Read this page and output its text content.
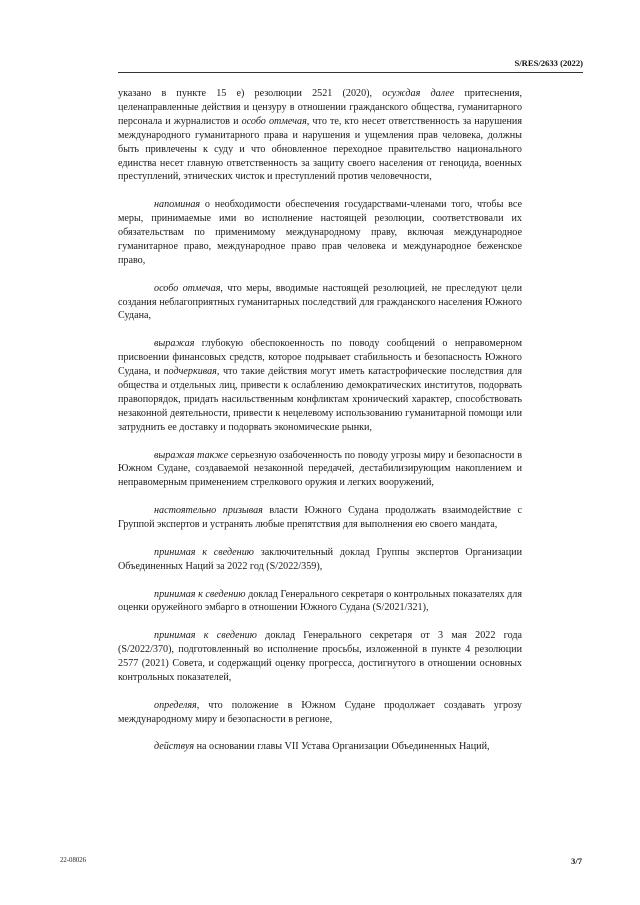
S/RES/2633 (2022)

указано в пункте 15 е) резолюции 2521 (2020), осуждая далее притеснения, целенаправленные действия и цензуру в отношении гражданского общества, гуманитарного персонала и журналистов и особо отмечая, что те, кто несет ответственность за нарушения международного гуманитарного права и нарушения и ущемления прав человека, должны быть привлечены к суду и что обновленное переходное правительство национального единства несет главную ответственность за защиту своего населения от геноцида, военных преступлений, этнических чисток и преступлений против человечности,

напоминая о необходимости обеспечения государствами-членами того, чтобы все меры, принимаемые ими во исполнение настоящей резолюции, соответствовали их обязательствам по применимому международному праву, включая международное гуманитарное право, международное право прав человека и международное беженское право,

особо отмечая, что меры, вводимые настоящей резолюцией, не преследуют цели создания неблагоприятных гуманитарных последствий для гражданского населения Южного Судана,

выражая глубокую обеспокоенность по поводу сообщений о неправомерном присвоении финансовых средств, которое подрывает стабильность и безопасность Южного Судана, и подчеркивая, что такие действия могут иметь катастрофические последствия для общества и отдельных лиц, привести к ослаблению демократических институтов, подорвать правопорядок, придать насильственным конфликтам хронический характер, способствовать незаконной деятельности, привести к нецелевому использованию гуманитарной помощи или затруднить ее доставку и подорвать экономические рынки,

выражая также серьезную озабоченность по поводу угрозы миру и безопасности в Южном Судане, создаваемой незаконной передачей, дестабилизирующим накоплением и неправомерным применением стрелкового оружия и легких вооружений,

настоятельно призывая власти Южного Судана продолжать взаимодействие с Группой экспертов и устранять любые препятствия для выполнения ею своего мандата,

принимая к сведению заключительный доклад Группы экспертов Организации Объединенных Наций за 2022 год (S/2022/359),

принимая к сведению доклад Генерального секретаря о контрольных показателях для оценки оружейного эмбарго в отношении Южного Судана (S/2021/321),

принимая к сведению доклад Генерального секретаря от 3 мая 2022 года (S/2022/370), подготовленный во исполнение просьбы, изложенной в пункте 4 резолюции 2577 (2021) Совета, и содержащий оценку прогресса, достигнутого в отношении основных контрольных показателей,

определяя, что положение в Южном Судане продолжает создавать угрозу международному миру и безопасности в регионе,

действуя на основании главы VII Устава Организации Объединенных Наций,

22-08026	3/7
